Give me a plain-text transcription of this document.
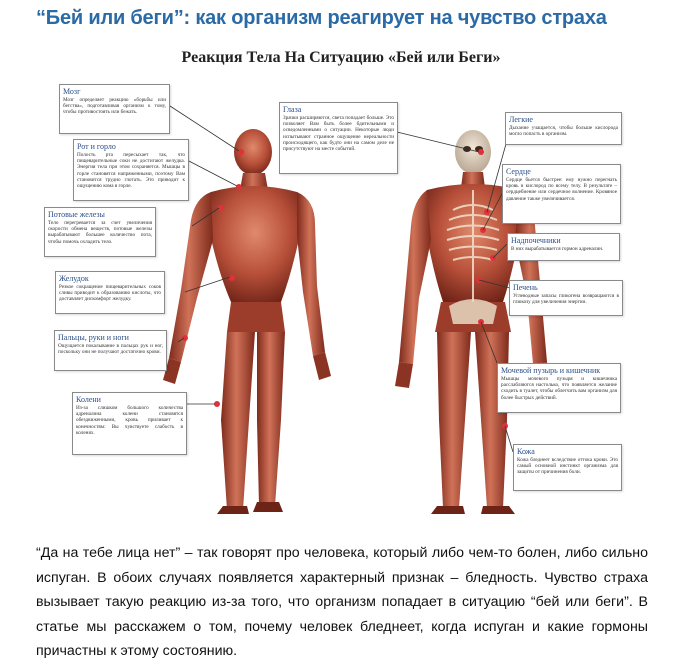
“Бей или беги”: как организм реагирует на чувство страха
Реакция Тела На Ситуацию «Бей или Беги»
Мозг
Мозг определяет реакцию «борьбы или бегства», подготавливая организм к тому, чтобы противостоять или бежать.
Рот и горло
Полость рта пересыхает так, что пищеварительные соки не достигают желудка. Энергия тела при этом сохраняется. Мышцы в горле становятся напряженными, поэтому Вам становится трудно глотать. Это приводит к ощущению кома в горле.
Потовые железы
Тело перегревается за счет увеличения скорости обмена веществ, потовые железы вырабатывают большее количество пота, чтобы помочь охладить тело.
Желудок
Резкое сокращение пищеварительных соков сливы приводит к образованию кислоты, что доставляет дискомфорт желудку.
Пальцы, руки и ноги
Ощущается покалывание в пальцах рук и ног, поскольку они не получают достаточно крови.
Колени
Из-за слишком большого количества адреналина колени становятся обездвиженными, кровь приливает к конечностям: Вы чувствуете слабость в коленях.
Глаза
Зрачки расширяются, света попадает больше. Это позволяет Вам быть более бдительными и осведомленными о ситуации. Некоторые люди испытывают странное ощущение нереальности происходящего, как будто они на самом деле не присутствуют на месте событий.
Легкие
Дыхание учащается, чтобы больше кислорода могло попасть в организм.
Сердце
Сердце бьется быстрее: ему нужно перегнать кровь и кислород по всему телу. В результате – сердцебиение или сердечное волнение. Кровяное давление также увеличивается.
Надпочечники
В них вырабатывается гормон адреналин.
Печень
Углеводные запасы гликогена возвращаются в глюкозу для увеличения энергии.
Мочевой пузырь и кишечник
Мышцы мочевого пузыря и кишечника расслабляются настолько, что появляется желание сходить в туалет, чтобы облегчить вам организм для более быстрых действий.
Кожа
Кожа бледнеет вследствие оттока крови. Это самый основной инстинкт организма для защиты от причинения боли.
“Да на тебе лица нет” – так говорят про человека, который либо чем-то болен, либо сильно испуган. В обоих случаях появляется характерный признак – бледность. Чувство страха вызывает такую реакцию из-за того, что организм попадает в ситуацию “бей или беги”. В статье мы расскажем о том, почему человек бледнеет, когда испуган и какие гормоны причастны к этому состоянию.
